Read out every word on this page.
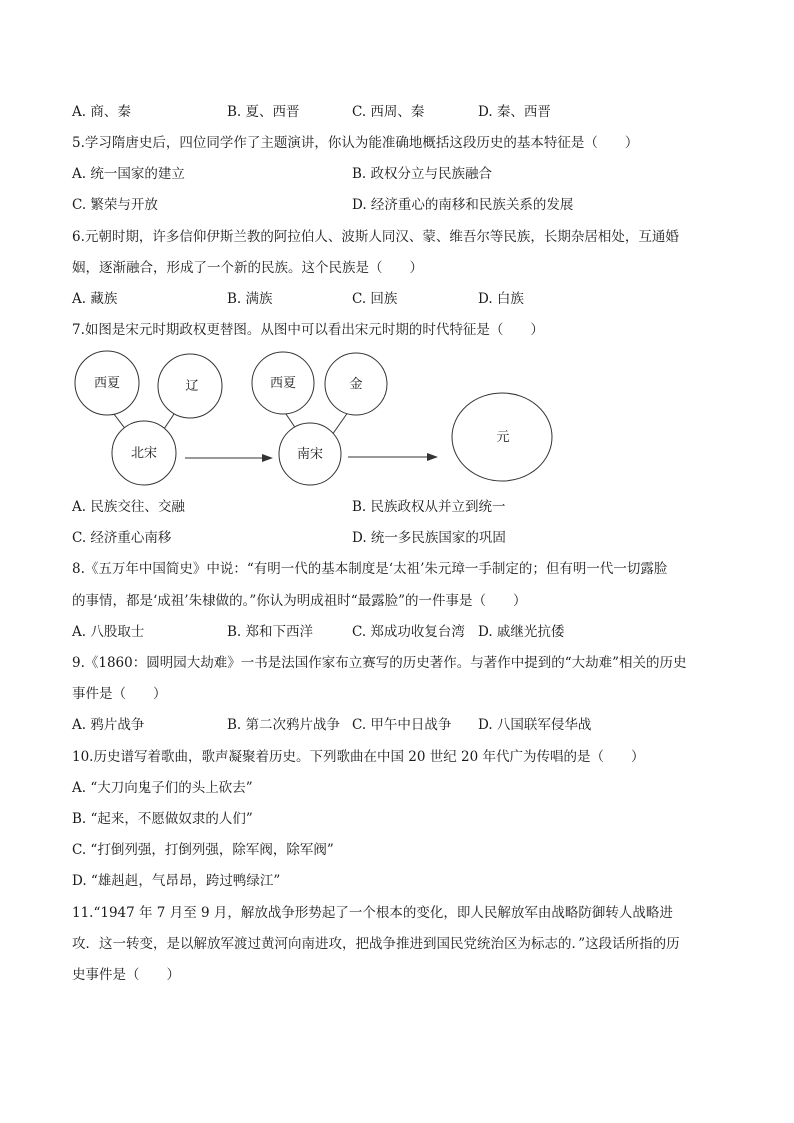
A. 商、秦	B. 夏、西晋	C. 西周、秦	D. 秦、西晋
5.学习隋唐史后，四位同学作了主题演讲，你认为能准确地概括这段历史的基本特征是（　　）
A. 统一国家的建立	B. 政权分立与民族融合
C. 繁荣与开放	D. 经济重心的南移和民族关系的发展
6.元朝时期，许多信仰伊斯兰教的阿拉伯人、波斯人同汉、蒙、维吾尔等民族，长期杂居相处，互通婚
姻，逐渐融合，形成了一个新的民族。这个民族是（　　）
A. 藏族	B. 满族	C. 回族	D. 白族
7.如图是宋元时期政权更替图。从图中可以看出宋元时期的时代特征是（　　）
西夏	辽
北宋
西夏	金
南宋
元
A. 民族交往、交融	B. 民族政权从并立到统一
C. 经济重心南移	D. 统一多民族国家的巩固
8.《五万年中国简史》中说：“有明一代的基本制度是‘太祖’朱元璋一手制定的；但有明一代一切露脸
的事情，都是‘成祖’朱棣做的。”你认为明成祖时“最露脸”的一件事是（　　）
A. 八股取士	B. 郑和下西洋	C. 郑成功收复台湾 D. 戚继光抗倭
9.《1860：圆明园大劫难》一书是法国作家布立赛写的历史著作。与著作中提到的“大劫难”相关的历史
事件是（　　）
A. 鸦片战争	B. 第二次鸦片战争 C. 甲午中日战争 D. 八国联军侵华战
10.历史谱写着歌曲，歌声凝聚着历史。下列歌曲在中国 20 世纪 20 年代广为传唱的是（　　）
A. “大刀向鬼子们的头上砍去”
B. “起来，不愿做奴隶的人们”
C. “打倒列强，打倒列强，除军阀，除军阀”
D. “雄赳赳，气昂昂，跨过鸭绿江”
11.“1947 年 7 月至 9 月，解放战争形势起了一个根本的变化，即人民解放军由战略防御转人战略进
攻．这一转变，是以解放军渡过黄河向南进攻，把战争推进到国民党统治区为标志的．”这段话所指的历
史事件是（　　）
